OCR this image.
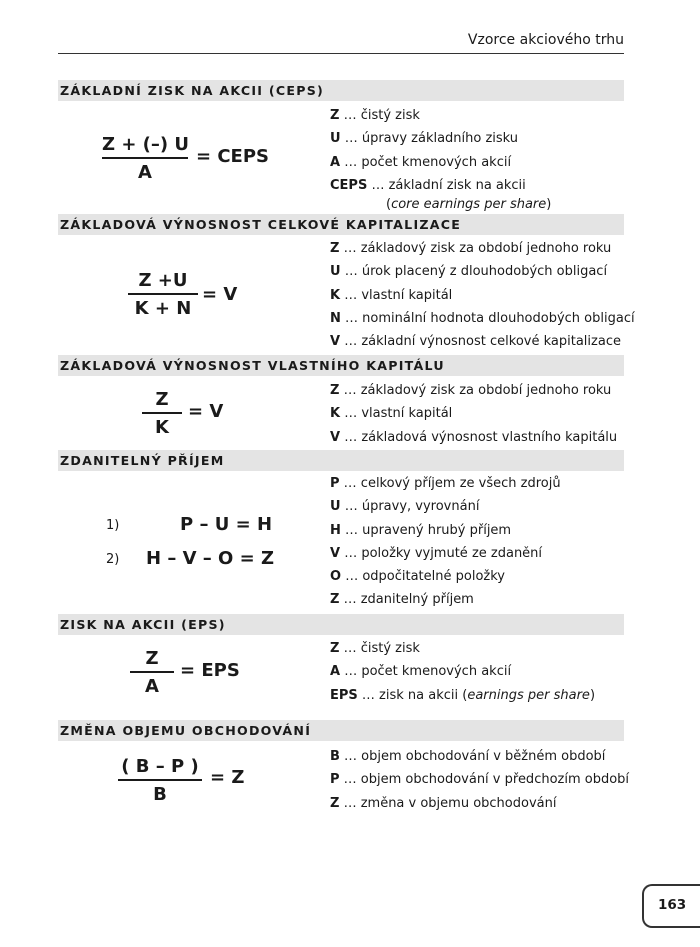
Vzorce akciového trhu
ZÁKLADNÍ ZISK NA AKCII (CEPS)
Z + (–) U
A
= CEPS
Z … čistý zisk
U … úpravy základního zisku
A … počet kmenových akcií
CEPS … základní zisk na akcii
(core earnings per share)
ZÁKLADOVÁ VÝNOSNOST CELKOVÉ KAPITALIZACE
Z +U
K + N
= V
Z … základový zisk za období jednoho roku
U … úrok placený z dlouhodobých obligací
K … vlastní kapitál
N … nominální hodnota dlouhodobých obligací
V … základní výnosnost celkové kapitalizace
ZÁKLADOVÁ VÝNOSNOST VLASTNÍHO KAPITÁLU
Z
K
= V
Z … základový zisk za období jednoho roku
K … vlastní kapitál
V … základová výnosnost vlastního kapitálu
ZDANITELNÝ PŘÍJEM
1)	P – U = H
2) H – V – O = Z
P … celkový příjem ze všech zdrojů
U … úpravy, vyrovnání
H … upravený hrubý příjem
V … položky vyjmuté ze zdanění
O … odpočitatelné položky
Z … zdanitelný příjem
ZISK NA AKCII (EPS)
Z
A
= EPS
Z … čistý zisk
A … počet kmenových akcií
EPS … zisk na akcii (earnings per share)
ZMĚNA OBJEMU OBCHODOVÁNÍ
( B – P )
B
= Z
B … objem obchodování v běžném období
P … objem obchodování v předchozím období
Z … změna v objemu obchodování
163
